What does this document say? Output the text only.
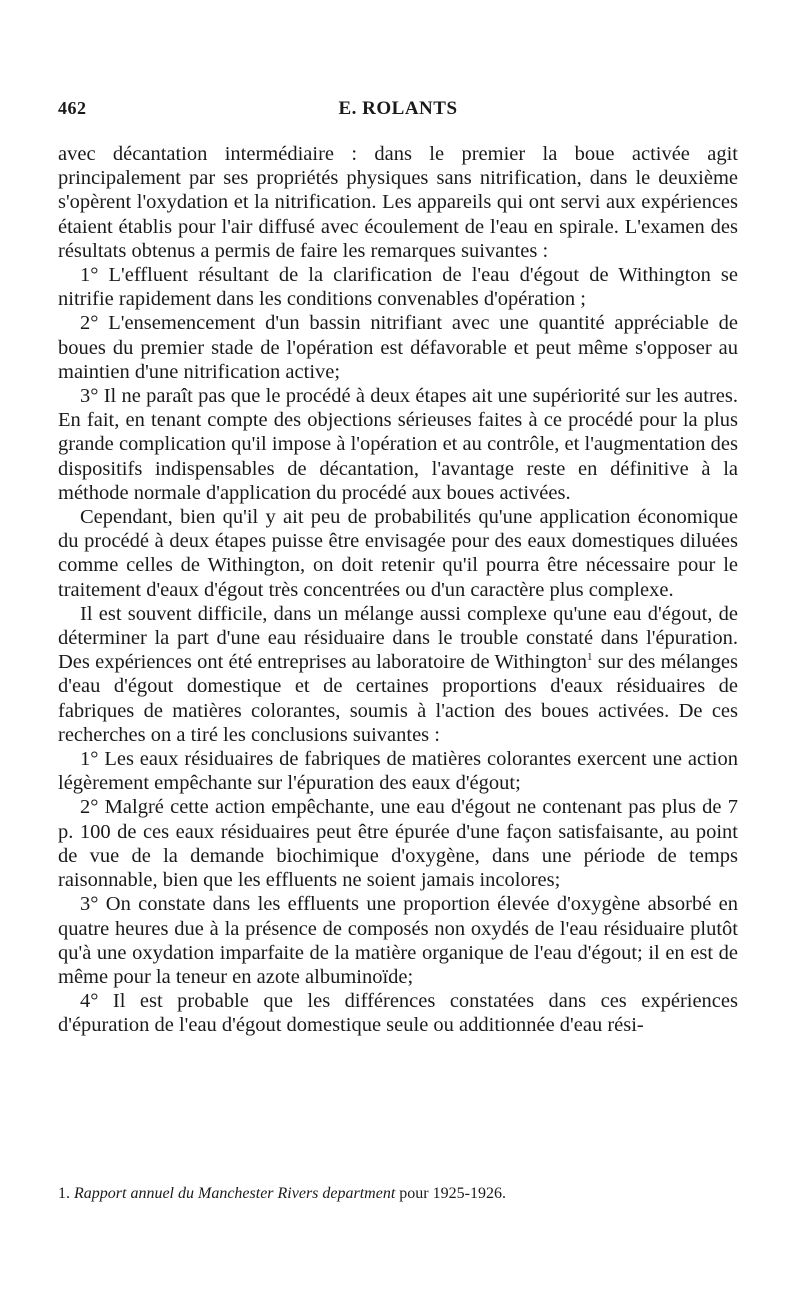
462	E. ROLANTS

avec décantation intermédiaire : dans le premier la boue activée agit principalement par ses propriétés physiques sans nitrification, dans le deuxième s'opèrent l'oxydation et la nitrification. Les appareils qui ont servi aux expériences étaient établis pour l'air diffusé avec écoulement de l'eau en spirale. L'examen des résultats obtenus a permis de faire les remarques suivantes :

1° L'effluent résultant de la clarification de l'eau d'égout de Withington se nitrifie rapidement dans les conditions convenables d'opération ;

2° L'ensemencement d'un bassin nitrifiant avec une quantité appréciable de boues du premier stade de l'opération est défavorable et peut même s'opposer au maintien d'une nitrification active;

3° Il ne paraît pas que le procédé à deux étapes ait une supériorité sur les autres. En fait, en tenant compte des objections sérieuses faites à ce procédé pour la plus grande complication qu'il impose à l'opération et au contrôle, et l'augmentation des dispositifs indispensables de décantation, l'avantage reste en définitive à la méthode normale d'application du procédé aux boues activées.

Cependant, bien qu'il y ait peu de probabilités qu'une application économique du procédé à deux étapes puisse être envisagée pour des eaux domestiques diluées comme celles de Withington, on doit retenir qu'il pourra être nécessaire pour le traitement d'eaux d'égout très concentrées ou d'un caractère plus complexe.

Il est souvent difficile, dans un mélange aussi complexe qu'une eau d'égout, de déterminer la part d'une eau résiduaire dans le trouble constaté dans l'épuration. Des expériences ont été entreprises au laboratoire de Withington$^1$ sur des mélanges d'eau d'égout domestique et de certaines proportions d'eaux résiduaires de fabriques de matières colorantes, soumis à l'action des boues activées. De ces recherches on a tiré les conclusions suivantes :

1° Les eaux résiduaires de fabriques de matières colorantes exercent une action légèrement empêchante sur l'épuration des eaux d'égout;

2° Malgré cette action empêchante, une eau d'égout ne contenant pas plus de 7 p. 100 de ces eaux résiduaires peut être épurée d'une façon satisfaisante, au point de vue de la demande biochimique d'oxygène, dans une période de temps raisonnable, bien que les effluents ne soient jamais incolores;

3° On constate dans les effluents une proportion élevée d'oxygène absorbé en quatre heures due à la présence de composés non oxydés de l'eau résiduaire plutôt qu'à une oxydation imparfaite de la matière organique de l'eau d'égout; il en est de même pour la teneur en azote albuminoïde;

4° Il est probable que les différences constatées dans ces expériences d'épuration de l'eau d'égout domestique seule ou additionnée d'eau rési-

1. Rapport annuel du Manchester Rivers department pour 1925-1926.
